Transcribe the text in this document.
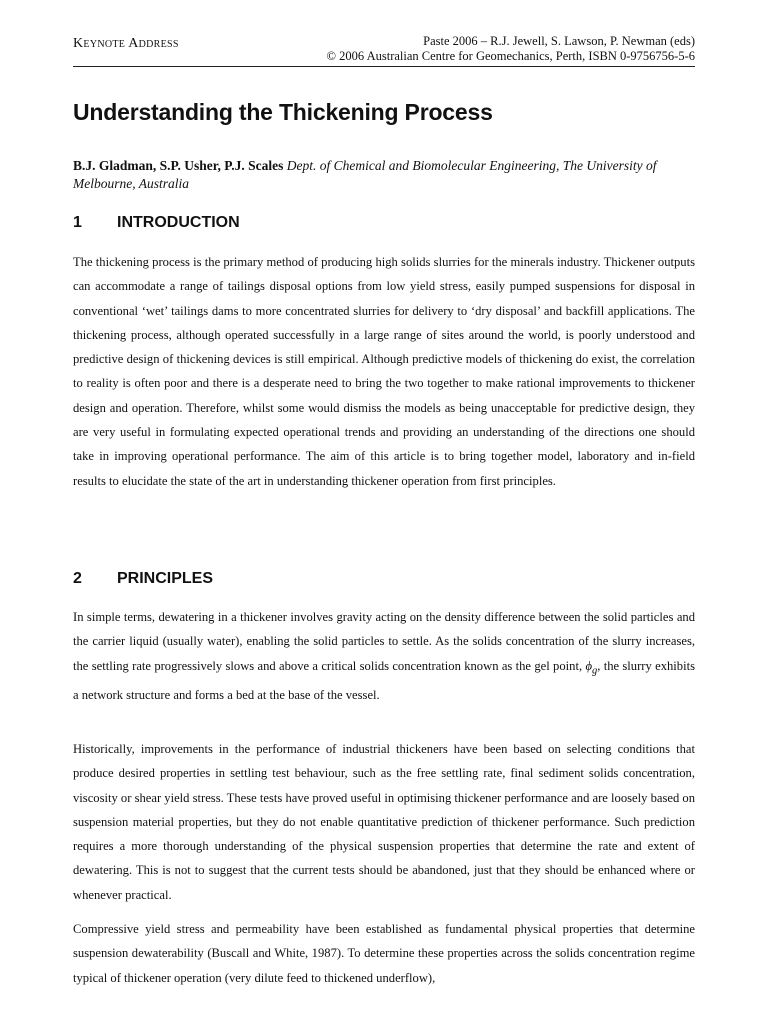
Keynote Address	Paste 2006 – R.J. Jewell, S. Lawson, P. Newman (eds)
© 2006 Australian Centre for Geomechanics, Perth, ISBN 0-9756756-5-6
Understanding the Thickening Process
B.J. Gladman, S.P. Usher, P.J. Scales Dept. of Chemical and Biomolecular Engineering, The University of Melbourne, Australia
1 INTRODUCTION

The thickening process is the primary method of producing high solids slurries for the minerals industry. Thickener outputs can accommodate a range of tailings disposal options from low yield stress, easily pumped suspensions for disposal in conventional ‘wet’ tailings dams to more concentrated slurries for delivery to ‘dry disposal’ and backfill applications. The thickening process, although operated successfully in a large range of sites around the world, is poorly understood and predictive design of thickening devices is still empirical. Although predictive models of thickening do exist, the correlation to reality is often poor and there is a desperate need to bring the two together to make rational improvements to thickener design and operation. Therefore, whilst some would dismiss the models as being unacceptable for predictive design, they are very useful in formulating expected operational trends and providing an understanding of the directions one should take in improving operational performance. The aim of this article is to bring together model, laboratory and in-field results to elucidate the state of the art in understanding thickener operation from first principles.

2 PRINCIPLES

In simple terms, dewatering in a thickener involves gravity acting on the density difference between the solid particles and the carrier liquid (usually water), enabling the solid particles to settle. As the solids concentration of the slurry increases, the settling rate progressively slows and above a critical solids concentration known as the gel point, $\phi_g$, the slurry exhibits a network structure and forms a bed at the base of the vessel.

Historically, improvements in the performance of industrial thickeners have been based on selecting conditions that produce desired properties in settling test behaviour, such as the free settling rate, final sediment solids concentration, viscosity or shear yield stress. These tests have proved useful in optimising thickener performance and are loosely based on suspension material properties, but they do not enable quantitative prediction of thickener performance. Such prediction requires a more thorough understanding of the physical suspension properties that determine the rate and extent of dewatering. This is not to suggest that the current tests should be abandoned, just that they should be enhanced where or whenever practical.

Compressive yield stress and permeability have been established as fundamental physical properties that determine suspension dewaterability (Buscall and White, 1987). To determine these properties across the solids concentration regime typical of thickener operation (very dilute feed to thickened underflow),
